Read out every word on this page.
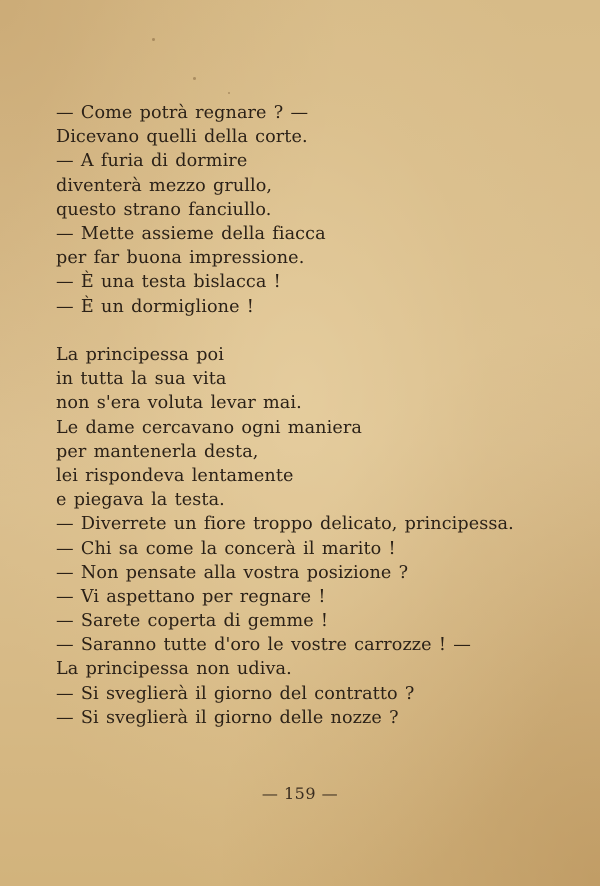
— Come potrà regnare ? —
Dicevano quelli della corte.
— A furia di dormire
diventerà mezzo grullo,
questo strano fanciullo.
— Mette assieme della fiacca
per far buona impressione.
— È una testa bislacca !
— È un dormiglione !
La principessa poi
in tutta la sua vita
non s'era voluta levar mai.
Le dame cercavano ogni maniera
per mantenerla desta,
lei rispondeva lentamente
e piegava la testa.
— Diverrete un fiore troppo delicato, principessa.
— Chi sa come la concerà il marito !
— Non pensate alla vostra posizione ?
— Vi aspettano per regnare !
— Sarete coperta di gemme !
— Saranno tutte d'oro le vostre carrozze ! —
La principessa non udiva.
— Si sveglierà il giorno del contratto ?
— Si sveglierà il giorno delle nozze ?
— 159 —
